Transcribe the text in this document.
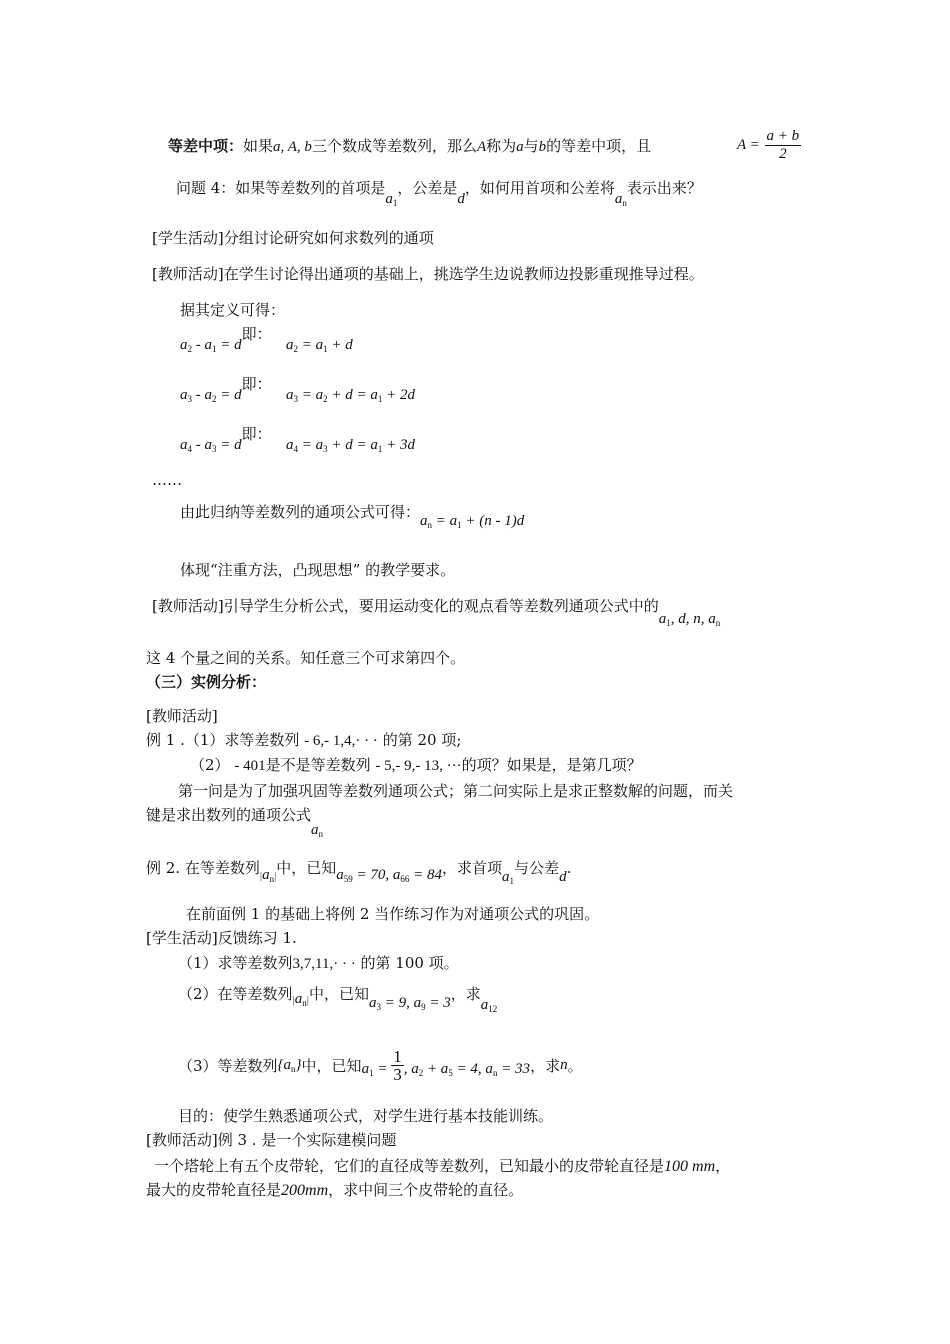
等差中项：如果a, A, b三个数成等差数列，那么A称为a与b的等差中项，且	$A = \frac{a + b}{2}$
问题 4：如果等差数列的首项是$a_1$，公差是d，如何用首项和公差将$a_n$表示出来？
[学生活动]分组讨论研究如何求数列的通项
[教师活动]在学生讨论得出通项的基础上，挑选学生边说教师边投影重现推导过程。
据其定义可得：
$a_2 - a_1 = d$即：   $a_2 = a_1 + d$
$a_3 - a_2 = d$即：   $a_3 = a_2 + d = a_1 + 2d$
$a_4 - a_3 = d$即：   $a_4 = a_3 + d = a_1 + 3d$
……
由此归纳等差数列的通项公式可得：$a_n = a_1 + (n - 1)d$
体现“注重方法，凸现思想” 的教学要求。
[教师活动]引导学生分析公式，要用运动变化的观点看等差数列通项公式中的$a_1$, d, n, $a_n$
这 4 个量之间的关系。知任意三个可求第四个。
（三）实例分析：
[教师活动]
例 1 .（1）求等差数列 - 6,- 1,4,· · · 的第 20 项;
（2） - 401是不是等差数列 - 5,- 9,- 13, ···的项？如果是，是第几项？
第一问是为了加强巩固等差数列通项公式；第二问实际上是求正整数解的问题，而关
键是求出数列的通项公式$a_n$
例 2. 在等差数列$|a_n|$中，已知$a_{59} = 70$, $a_{66} = 84$，求首项$a_1$与公差d.
在前面例 1 的基础上将例 2 当作练习作为对通项公式的巩固。
[学生活动]反馈练习 1.
（1）求等差数列3,7,11,· · · 的第 100 项。
（2）在等差数列$|a_n|$中，已知$a_3 = 9$, $a_9 = 3$，求$a_{12}$
（3）等差数列$\{a_n\}$中，已知$a_1 = \frac{1}{3}$ , $a_2 + a_5 = 4$, $a_n = 33$，求n。
目的：使学生熟悉通项公式，对学生进行基本技能训练。
[教师活动]例 3 . 是一个实际建模问题
一个塔轮上有五个皮带轮，它们的直径成等差数列，已知最小的皮带轮直径是100 mm，
最大的皮带轮直径是200mm，求中间三个皮带轮的直径。
